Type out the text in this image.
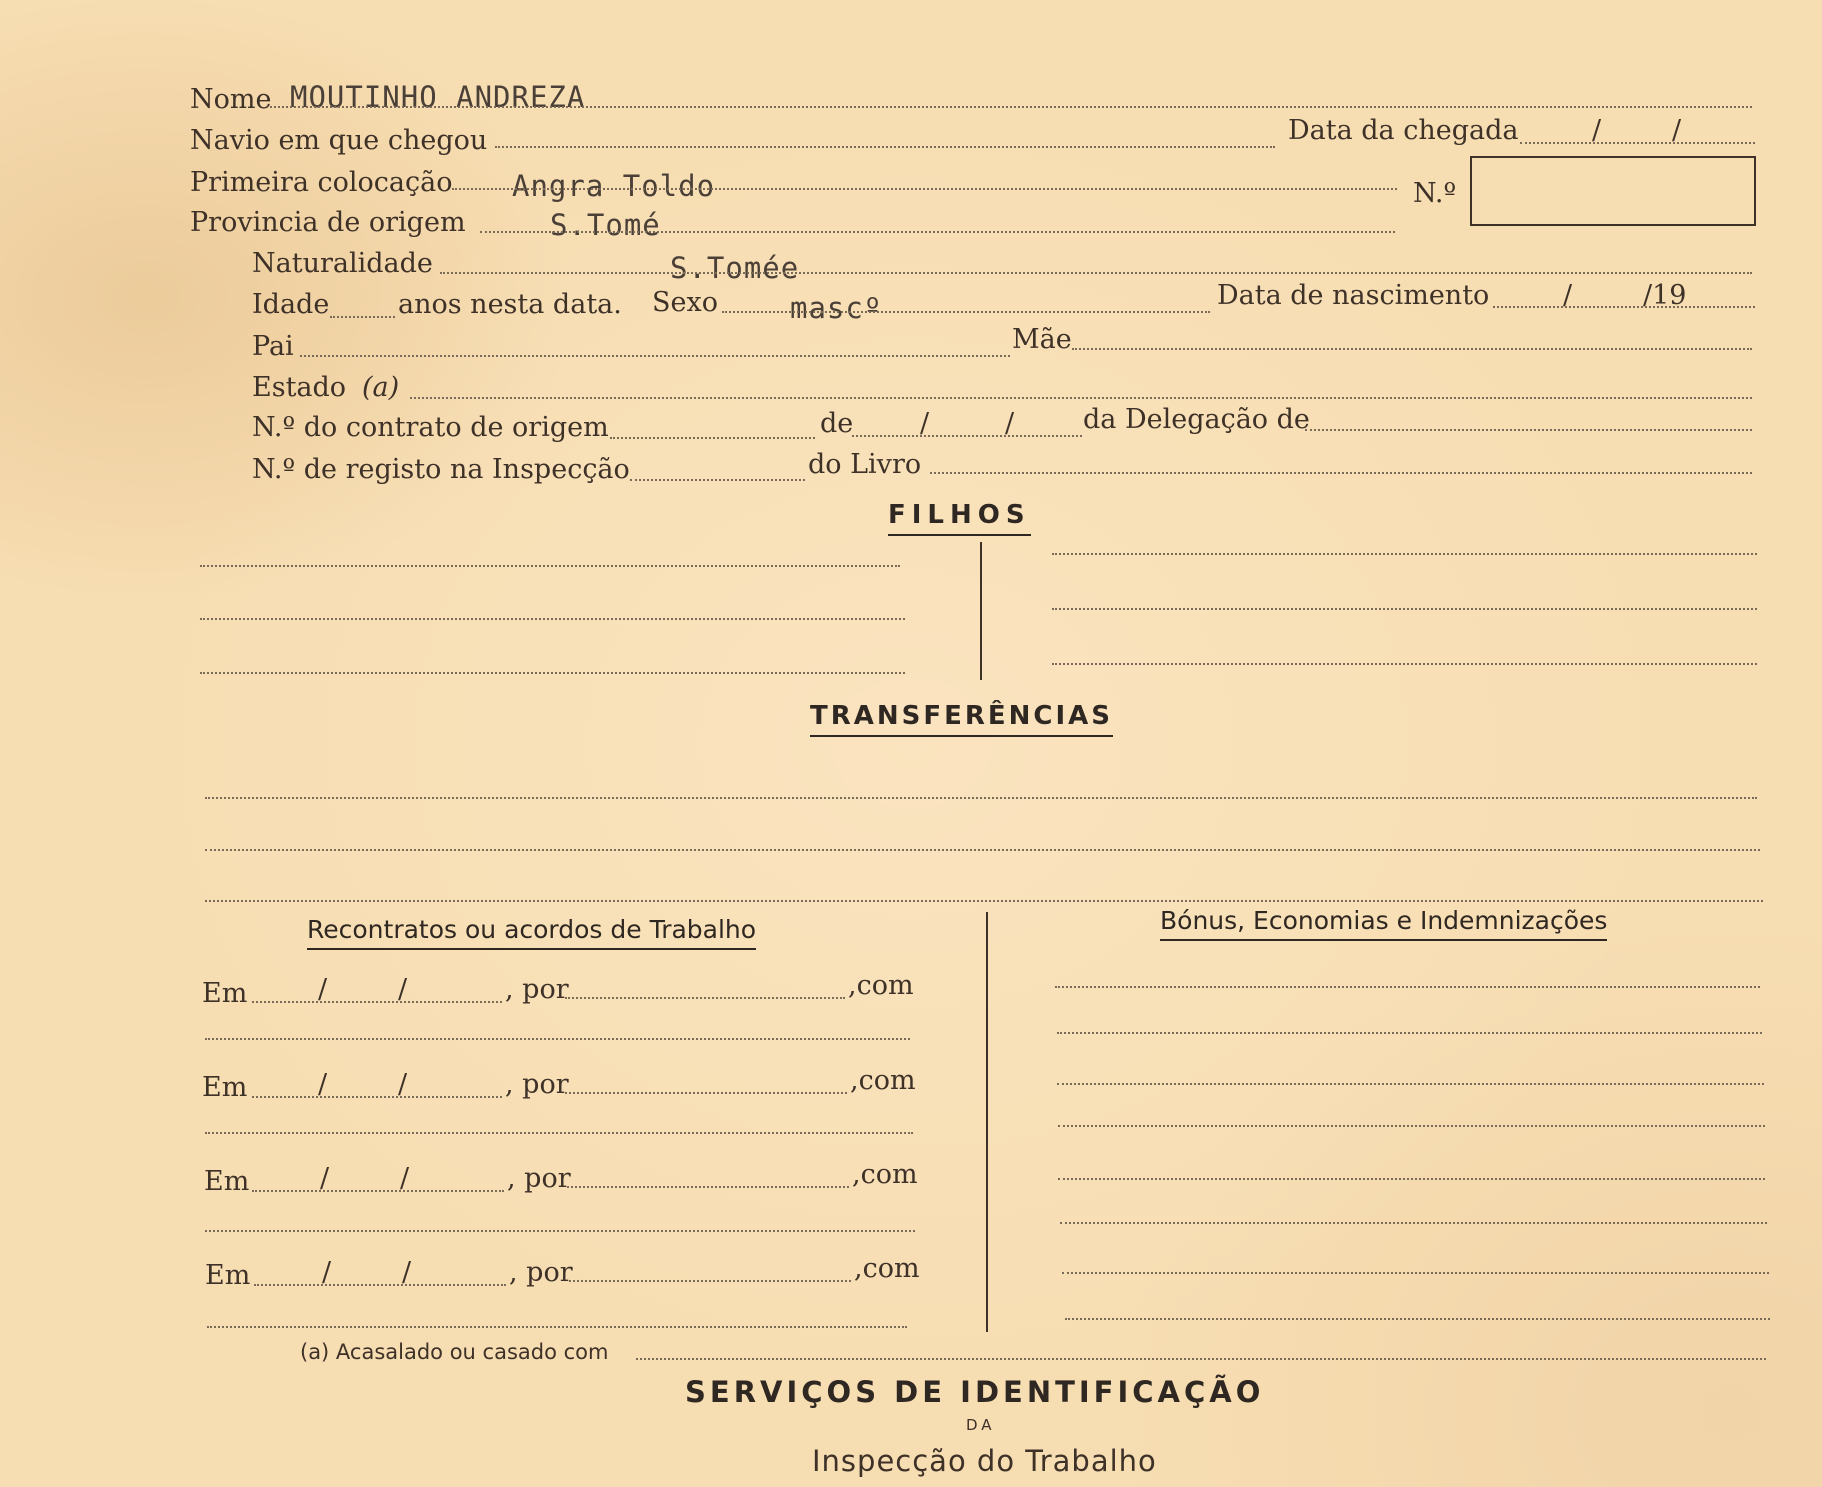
Nome MOUTINHO ANDREZA
Navio em que chegou	Data da chegada	/	/
Primeira colocação Angra Toldo	N.º
Provincia de origem	S.Tomé
Naturalidade	S.Tomée
Idade	anos nesta data. Sexo mascº	Data de nascimento	/	/19
Pai	Mãe
Estado (a)
N.º do contrato de origem	de /	/	da Delegação de
N.º de registo na Inspecção	do Livro
FILHOS
TRANSFERÊNCIAS
Recontratos ou acordos de Trabalho	Bónus, Economias e Indemnizações
Em	/	/	, por	,com
Em	/	/	, por	,com
Em	/	/	, por	,com
Em	/	/	, por	,com
(a) Acasalado ou casado com
SERVIÇOS DE IDENTIFICAÇÃO
DA
Inspecção do Trabalho
